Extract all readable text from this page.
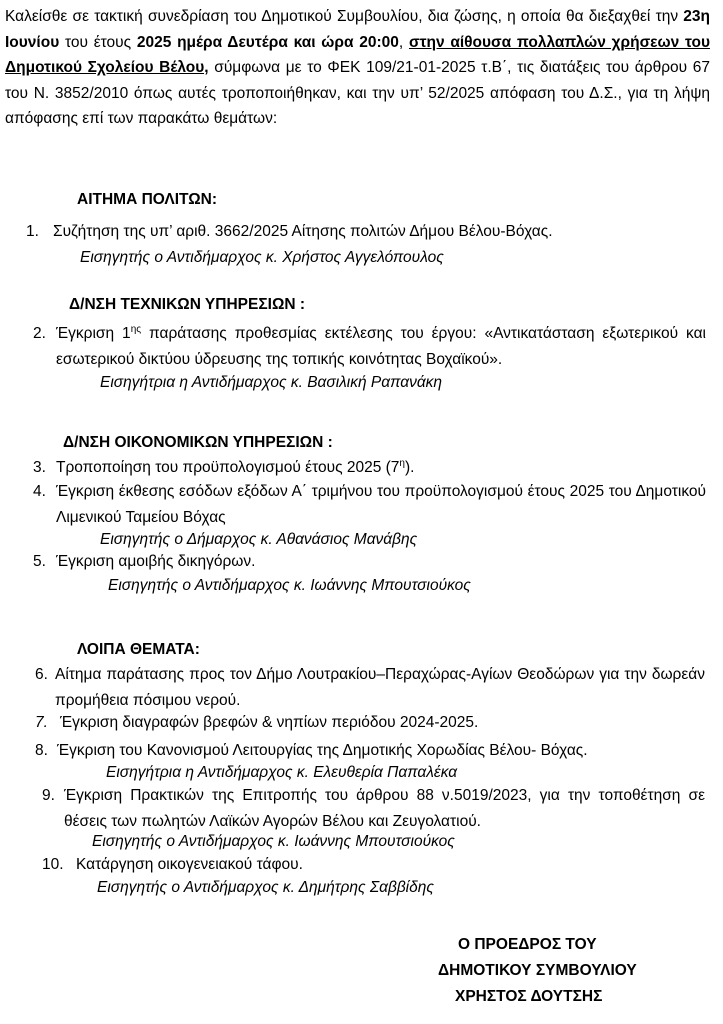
Καλείσθε σε τακτική συνεδρίαση του Δημοτικού Συμβουλίου, δια ζώσης, η οποία θα διεξαχθεί την 23η Ιουνίου του έτους 2025 ημέρα Δευτέρα και ώρα 20:00, στην αίθουσα πολλαπλών χρήσεων του Δημοτικού Σχολείου Βέλου, σύμφωνα με το ΦΕΚ 109/21-01-2025 τ.Β΄, τις διατάξεις του άρθρου 67 του Ν. 3852/2010 όπως αυτές τροποποιήθηκαν, και την υπ’ 52/2025 απόφαση του Δ.Σ., για τη λήψη απόφασης επί των παρακάτω θεμάτων:

ΑΙΤΗΜΑ ΠΟΛΙΤΩΝ:

1. Συζήτηση της υπ’ αριθ. 3662/2025 Αίτησης πολιτών Δήμου Βέλου-Βόχας.

Εισηγητής ο Αντιδήμαρχος κ. Χρήστος Αγγελόπουλος

Δ/ΝΣΗ ΤΕΧΝΙΚΩΝ ΥΠΗΡΕΣΙΩΝ :

2. Έγκριση $1^{\eta\varsigma}$ παράτασης προθεσμίας εκτέλεσης του έργου: «Αντικατάσταση εξωτερικού και εσωτερικού δικτύου ύδρευσης της τοπικής κοινότητας Βοχαϊκού».

Εισηγήτρια η Αντιδήμαρχος κ. Βασιλική Ραπανάκη

Δ/ΝΣΗ ΟΙΚΟΝΟΜΙΚΩΝ ΥΠΗΡΕΣΙΩΝ :

3. Τροποποίηση του προϋπολογισμού έτους 2025 $(7^\eta)$.
4. Έγκριση έκθεσης εσόδων εξόδων Α΄ τριμήνου του προϋπολογισμού έτους 2025 του Δημοτικού Λιμενικού Ταμείου Βόχας

Εισηγητής ο Δήμαρχος κ. Αθανάσιος Μανάβης

5. Έγκριση αμοιβής δικηγόρων.

Εισηγητής ο Αντιδήμαρχος κ. Ιωάννης Μπουτσιούκος

ΛΟΙΠΑ ΘΕΜΑΤΑ:

6. Αίτημα παράτασης προς τον Δήμο Λουτρακίου–Περαχώρας-Αγίων Θεοδώρων για την δωρεάν προμήθεια πόσιμου νερού.
7. Έγκριση διαγραφών βρεφών & νηπίων περιόδου 2024-2025.
8. Έγκριση του Κανονισμού Λειτουργίας της Δημοτικής Χορωδίας Βέλου- Βόχας.

Εισηγήτρια η Αντιδήμαρχος κ. Ελευθερία Παπαλέκα

9. Έγκριση Πρακτικών της Επιτροπής του άρθρου 88 ν.5019/2023, για την τοποθέτηση σε θέσεις των πωλητών Λαϊκών Αγορών Βέλου και Ζευγολατιού.

Εισηγητής ο Αντιδήμαρχος κ. Ιωάννης Μπουτσιούκος

10. Κατάργηση οικογενειακού τάφου.

Εισηγητής ο Αντιδήμαρχος κ. Δημήτρης Σαββίδης

Ο ΠΡΟΕΔΡΟΣ ΤΟΥ

ΔΗΜΟΤΙΚΟΥ ΣΥΜΒΟΥΛΙΟΥ

ΧΡΗΣΤΟΣ ΔΟΥΤΣΗΣ
